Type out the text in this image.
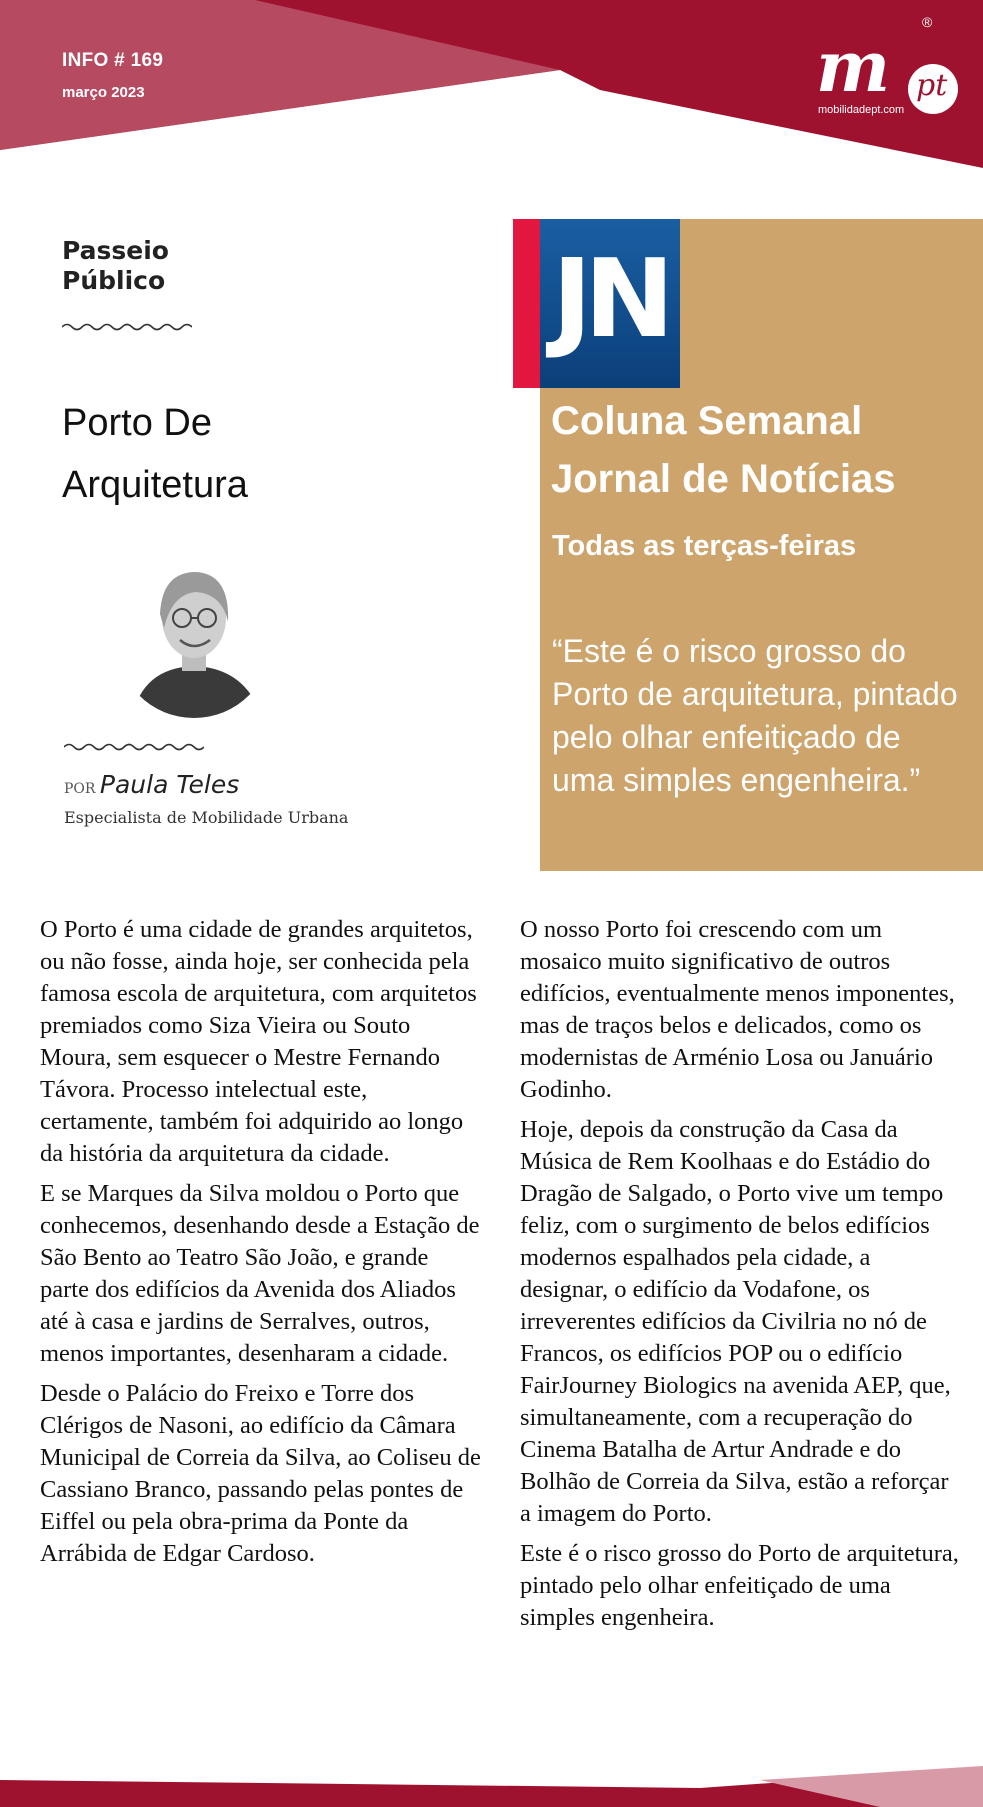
INFO # 169
março 2023
®
m pt
mobilidadept.com
Passeio
Público
Porto De
Arquitetura
POR Paula Teles
Especialista de Mobilidade Urbana
JN
Coluna Semanal
Jornal de Notícias
Todas as terças-feiras
“Este é o risco grosso do Porto de arquitetura, pintado pelo olhar enfeitiçado de uma simples engenheira.”

O Porto é uma cidade de grandes arquitetos, ou não fosse, ainda hoje, ser conhecida pela famosa escola de arquitetura, com arquitetos premiados como Siza Vieira ou Souto Moura, sem esquecer o Mestre Fernando Távora. Processo intelectual este, certamente, também foi adquirido ao longo da história da arquitetura da cidade.

E se Marques da Silva moldou o Porto que conhecemos, desenhando desde a Estação de São Bento ao Teatro São João, e grande parte dos edifícios da Avenida dos Aliados até à casa e jardins de Serralves, outros, menos importantes, desenharam a cidade.

Desde o Palácio do Freixo e Torre dos Clérigos de Nasoni, ao edifício da Câmara Municipal de Correia da Silva, ao Coliseu de Cassiano Branco, passando pelas pontes de Eiffel ou pela obra-prima da Ponte da Arrábida de Edgar Cardoso.

O nosso Porto foi crescendo com um mosaico muito significativo de outros edifícios, eventualmente menos imponentes, mas de traços belos e delicados, como os modernistas de Arménio Losa ou Januário Godinho.

Hoje, depois da construção da Casa da Música de Rem Koolhaas e do Estádio do Dragão de Salgado, o Porto vive um tempo feliz, com o surgimento de belos edifícios modernos espalhados pela cidade, a designar, o edifício da Vodafone, os irreverentes edifícios da Civilria no nó de Francos, os edifícios POP ou o edifício FairJourney Biologics na avenida AEP, que, simultaneamente, com a recuperação do Cinema Batalha de Artur Andrade e do Bolhão de Correia da Silva, estão a reforçar a imagem do Porto.

Este é o risco grosso do Porto de arquitetura, pintado pelo olhar enfeitiçado de uma simples engenheira.
